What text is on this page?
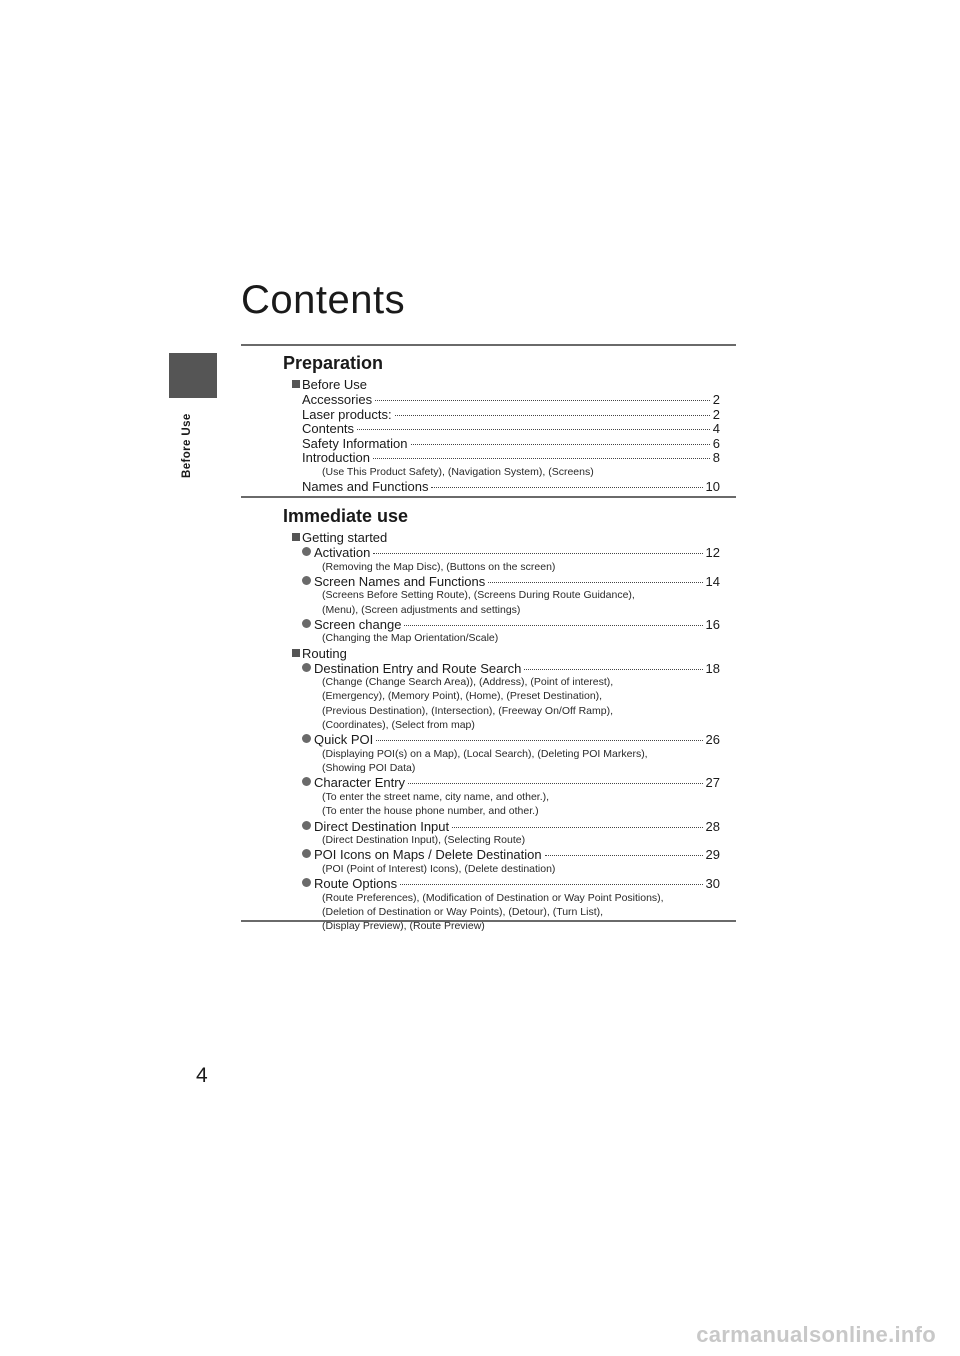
Before Use
Contents
Preparation
Before Use
Accessories	2
Laser products:	2
Contents	4
Safety Information	6
Introduction	8
(Use This Product Safety), (Navigation System), (Screens)
Names and Functions	10
Immediate use
Getting started
Activation	12
(Removing the Map Disc), (Buttons on the screen)
Screen Names and Functions	14
(Screens Before Setting Route), (Screens During Route Guidance),
(Menu), (Screen adjustments and settings)
Screen change	16
(Changing the Map Orientation/Scale)
Routing
Destination Entry and Route Search	18
(Change (Change Search Area)), (Address), (Point of interest),
(Emergency), (Memory Point), (Home), (Preset Destination),
(Previous Destination), (Intersection), (Freeway On/Off Ramp),
(Coordinates), (Select from map)
Quick POI	26
(Displaying POI(s) on a Map), (Local Search), (Deleting POI Markers),
(Showing POI Data)
Character Entry	27
(To enter the street name, city name, and other.),
(To enter the house phone number, and other.)
Direct Destination Input	28
(Direct Destination Input), (Selecting Route)
POI Icons on Maps / Delete Destination	29
(POI (Point of Interest) Icons), (Delete destination)
Route Options	30
(Route Preferences), (Modification of Destination or Way Point Positions),
(Deletion of Destination or Way Points), (Detour), (Turn List),
(Display Preview), (Route Preview)
4
carmanualsonline.info
